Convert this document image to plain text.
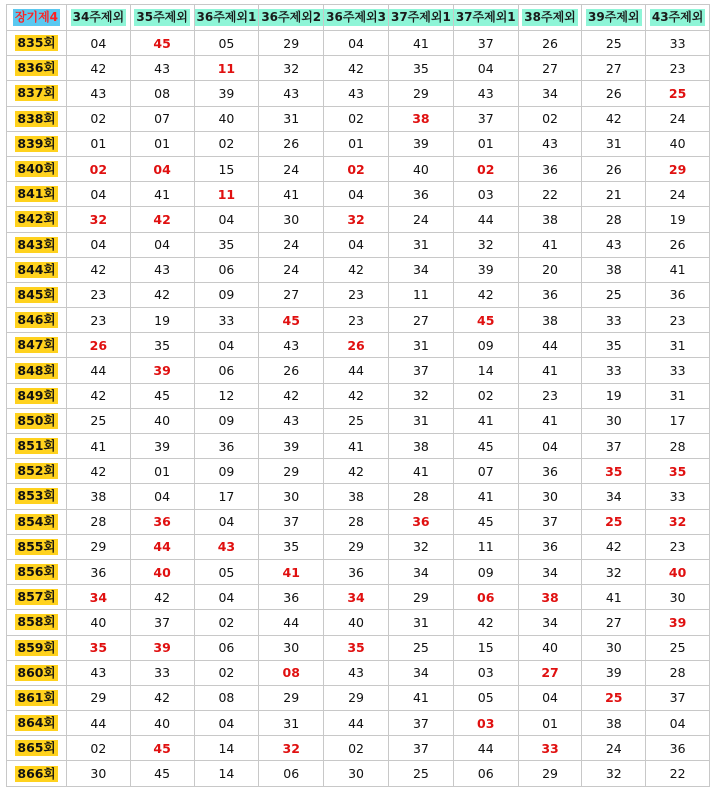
장기제4	34주제외	35주제외	36주제외1	36주제외2	36주제외3	37주제외1	37주제외1	38주제외	39주제외	43주제외
835회	04	45	05	29	04	41	37	26	25	33
836회	42	43	11	32	42	35	04	27	27	23
837회	43	08	39	43	43	29	43	34	26	25
838회	02	07	40	31	02	38	37	02	42	24
839회	01	01	02	26	01	39	01	43	31	40
840회	02	04	15	24	02	40	02	36	26	29
841회	04	41	11	41	04	36	03	22	21	24
842회	32	42	04	30	32	24	44	38	28	19
843회	04	04	35	24	04	31	32	41	43	26
844회	42	43	06	24	42	34	39	20	38	41
845회	23	42	09	27	23	11	42	36	25	36
846회	23	19	33	45	23	27	45	38	33	23
847회	26	35	04	43	26	31	09	44	35	31
848회	44	39	06	26	44	37	14	41	33	33
849회	42	45	12	42	42	32	02	23	19	31
850회	25	40	09	43	25	31	41	41	30	17
851회	41	39	36	39	41	38	45	04	37	28
852회	42	01	09	29	42	41	07	36	35	35
853회	38	04	17	30	38	28	41	30	34	33
854회	28	36	04	37	28	36	45	37	25	32
855회	29	44	43	35	29	32	11	36	42	23
856회	36	40	05	41	36	34	09	34	32	40
857회	34	42	04	36	34	29	06	38	41	30
858회	40	37	02	44	40	31	42	34	27	39
859회	35	39	06	30	35	25	15	40	30	25
860회	43	33	02	08	43	34	03	27	39	28
861회	29	42	08	29	29	41	05	04	25	37
864회	44	40	04	31	44	37	03	01	38	04
865회	02	45	14	32	02	37	44	33	24	36
866회	30	45	14	06	30	25	06	29	32	22
